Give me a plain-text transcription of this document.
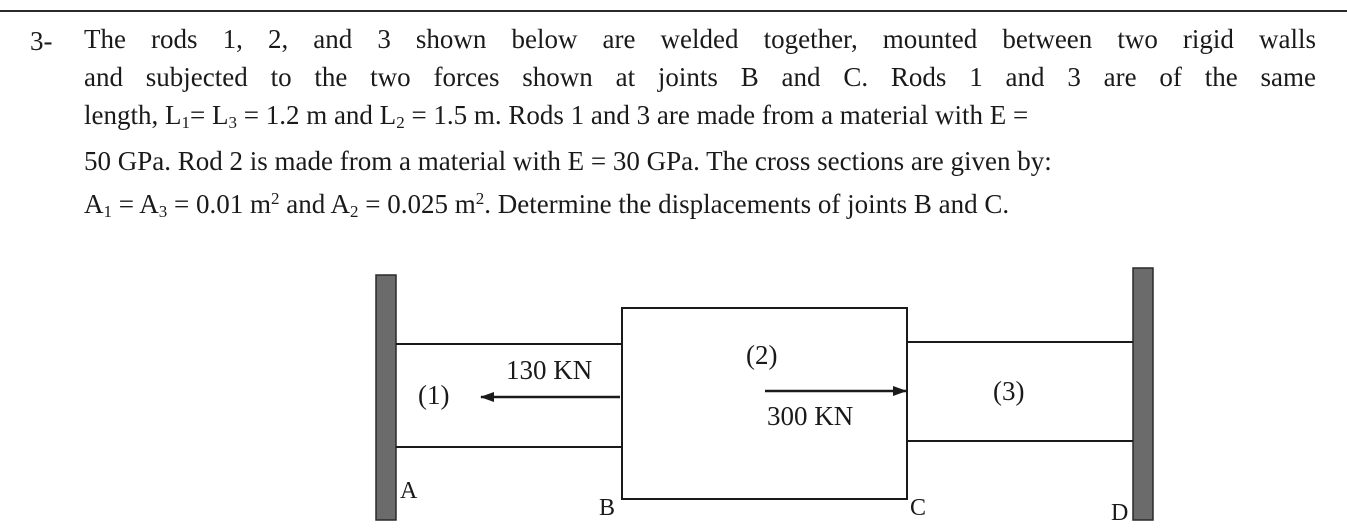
3- The rods 1, 2, and 3 shown below are welded together, mounted between two rigid walls
and subjected to the two forces shown at joints B and C. Rods 1 and 3 are of the same
length, $L_1= L_3 = 1.2$ m and $L_2 = 1.5$ m. Rods 1 and 3 are made from a material with E =
50 GPa. Rod 2 is made from a material with E = 30 GPa. The cross sections are given by:
$A_1 = A_3 = 0.01$ $m^2$ and $A_2 = 0.025$ $m^2$. Determine the displacements of joints B and C.
(1)
(2)
(3)
130 KN
300 KN
A
B	C	D
